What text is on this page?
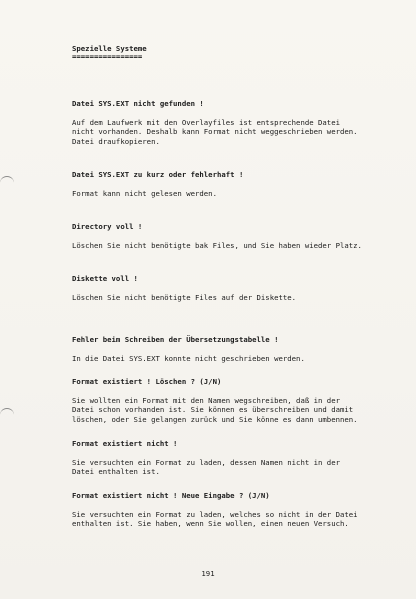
Spezielle Systeme

================

Datei SYS.EXT nicht gefunden !

Auf dem Laufwerk mit den Overlayfiles ist entsprechende Datei
nicht vorhanden. Deshalb kann Format nicht weggeschrieben werden.
Datei draufkopieren.

Datei SYS.EXT zu kurz oder fehlerhaft !

Format kann nicht gelesen werden.

Directory voll !

Löschen Sie nicht benötigte bak Files, und Sie haben wieder Platz.

Diskette voll !

Löschen Sie nicht benötigte Files auf der Diskette.

Fehler beim Schreiben der Übersetzungstabelle !

In die Datei SYS.EXT konnte nicht geschrieben werden.

Format existiert ! Löschen ? (J/N)

Sie wollten ein Format mit den Namen wegschreiben, daß in der
Datei schon vorhanden ist. Sie können es überschreiben und damit
löschen, oder Sie gelangen zurück und Sie könne es dann umbennen.

Format existiert nicht !

Sie versuchten ein Format zu laden, dessen Namen nicht in der
Datei enthalten ist.

Format existiert nicht ! Neue Eingabe ? (J/N)

Sie versuchten ein Format zu laden, welches so nicht in der Datei
enthalten ist. Sie haben, wenn Sie wollen, einen neuen Versuch.

191
